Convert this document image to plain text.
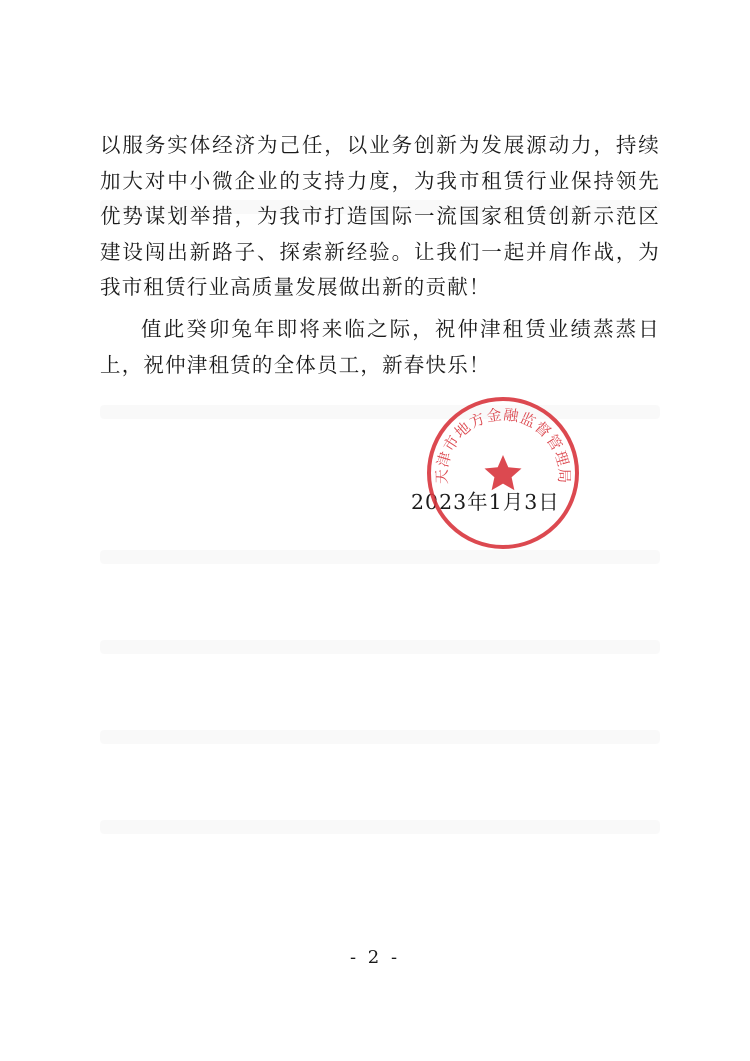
以服务实体经济为己任，以业务创新为发展源动力，持续加大对中小微企业的支持力度，为我市租赁行业保持领先优势谋划举措，为我市打造国际一流国家租赁创新示范区建设闯出新路子、探索新经验。让我们一起并肩作战，为我市租赁行业高质量发展做出新的贡献！

值此癸卯兔年即将来临之际，祝仲津租赁业绩蒸蒸日上，祝仲津租赁的全体员工，新春快乐！

2023年1月3日
天津市地方金融监督管理局
- 2 -
